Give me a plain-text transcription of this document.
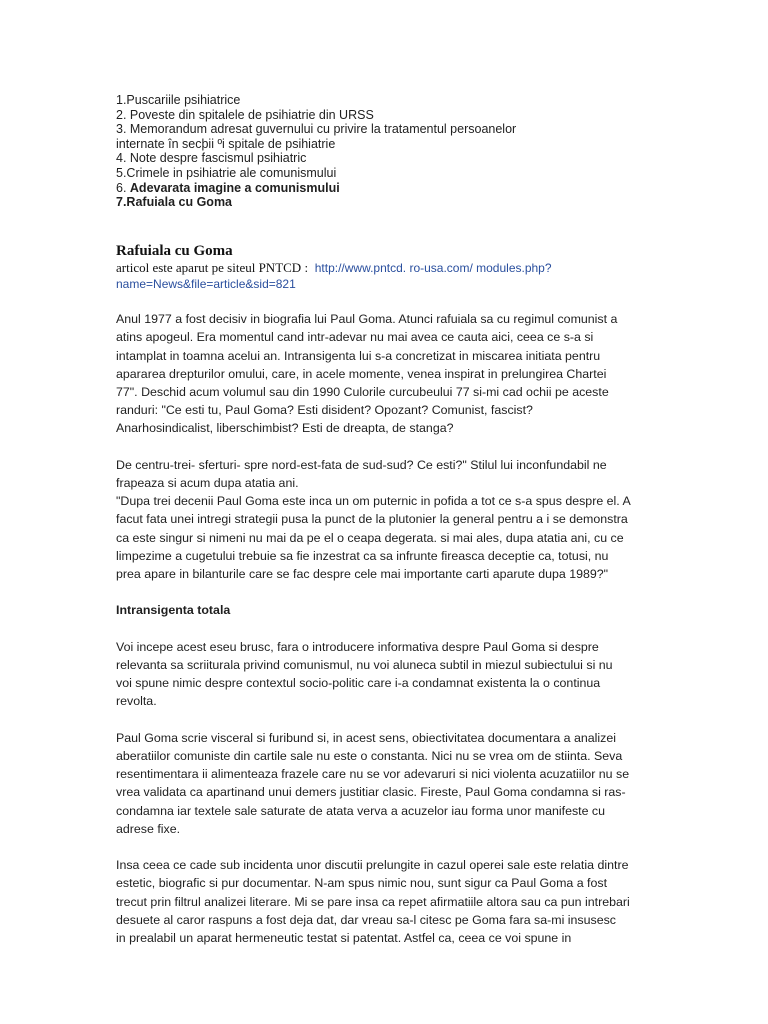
1.Puscariile psihiatrice
2. Poveste din spitalele de psihiatrie din URSS
3. Memorandum adresat guvernului cu privire la tratamentul persoanelor
internate în secþii ºi spitale de psihiatrie
4. Note despre fascismul psihiatric
5.Crimele in psihiatrie ale comunismului
6. Adevarata imagine a comunismului
7.Rafuiala cu Goma
Rafuiala cu Goma

articol este aparut pe siteul PNTCD : http://www.pntcd. ro-usa.com/ modules.php?
name=News&file=article&sid=821

Anul 1977 a fost decisiv in biografia lui Paul Goma. Atunci rafuiala sa cu regimul comunist a

atins apogeul. Era momentul cand intr-adevar nu mai avea ce cauta aici, ceea ce s-a si

intamplat in toamna acelui an. Intransigenta lui s-a concretizat in miscarea initiata pentru

apararea drepturilor omului, care, in acele momente, venea inspirat in prelungirea Chartei

77". Deschid acum volumul sau din 1990 Culorile curcubeului 77 si-mi cad ochii pe aceste

randuri: "Ce esti tu, Paul Goma? Esti disident? Opozant? Comunist, fascist?

Anarhosindicalist, liberschimbist? Esti de dreapta, de stanga?

De centru-trei- sferturi- spre nord-est-fata de sud-sud? Ce esti?" Stilul lui inconfundabil ne

frapeaza si acum dupa atatia ani.

"Dupa trei decenii Paul Goma este inca un om puternic in pofida a tot ce s-a spus despre el. A

facut fata unei intregi strategii pusa la punct de la plutonier la general pentru a i se demonstra

ca este singur si nimeni nu mai da pe el o ceapa degerata. si mai ales, dupa atatia ani, cu ce

limpezime a cugetului trebuie sa fie inzestrat ca sa infrunte fireasca deceptie ca, totusi, nu

prea apare in bilanturile care se fac despre cele mai importante carti aparute dupa 1989?"

Intransigenta totala

Voi incepe acest eseu brusc, fara o introducere informativa despre Paul Goma si despre

relevanta sa scriiturala privind comunismul, nu voi aluneca subtil in miezul subiectului si nu

voi spune nimic despre contextul socio-politic care i-a condamnat existenta la o continua

revolta.

Paul Goma scrie visceral si furibund si, in acest sens, obiectivitatea documentara a analizei

aberatiilor comuniste din cartile sale nu este o constanta. Nici nu se vrea om de stiinta. Seva

resentimentara ii alimenteaza frazele care nu se vor adevaruri si nici violenta acuzatiilor nu se

vrea validata ca apartinand unui demers justitiar clasic. Fireste, Paul Goma condamna si ras-

condamna iar textele sale saturate de atata verva a acuzelor iau forma unor manifeste cu

adrese fixe.

Insa ceea ce cade sub incidenta unor discutii prelungite in cazul operei sale este relatia dintre

estetic, biografic si pur documentar. N-am spus nimic nou, sunt sigur ca Paul Goma a fost

trecut prin filtrul analizei literare. Mi se pare insa ca repet afirmatiile altora sau ca pun intrebari

desuete al caror raspuns a fost deja dat, dar vreau sa-l citesc pe Goma fara sa-mi insusesc

in prealabil un aparat hermeneutic testat si patentat. Astfel ca, ceea ce voi spune in
